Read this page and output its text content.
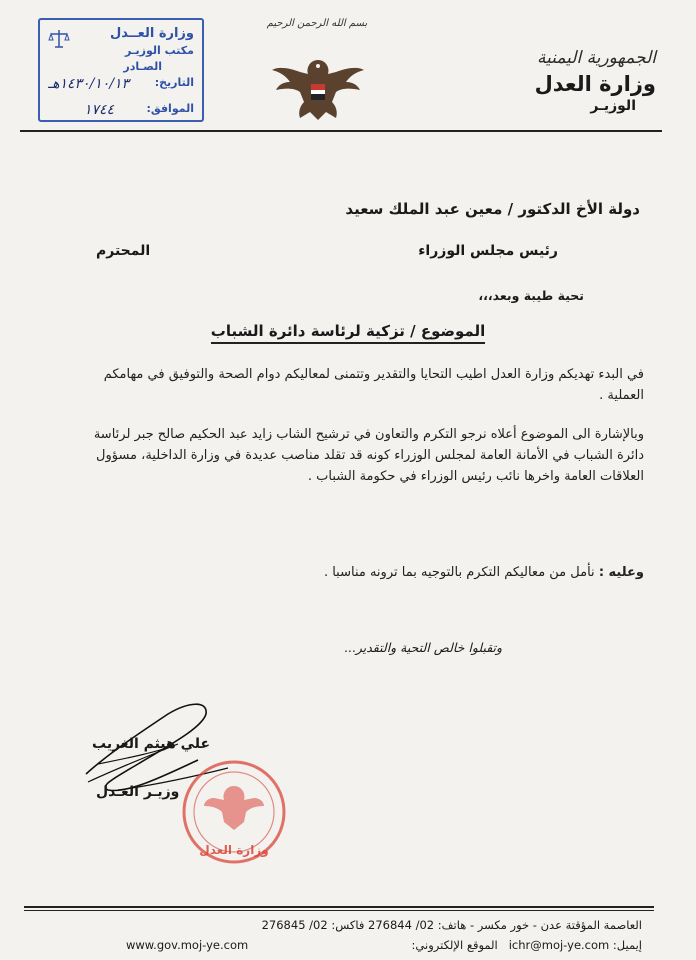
وزارة العــدل
مكتب الوزيـر
الصـادر
التاريخ:
الموافق:
١٤٣٠/١٠/١٣هـ
١٧٤٤
بسم الله الرحمن الرحيم
الجمهورية اليمنية
وزارة العدل
الوزيـر
دولة الأخ الدكتور / معين عبد الملك سعيد
رئيس مجلس الوزراء
المحترم
تحية طيبة وبعد،،،
الموضوع / تزكية لرئاسة دائرة الشباب
في البدء تهديكم وزارة العدل اطيب التحايا والتقدير وتتمنى لمعاليكم دوام الصحة والتوفيق في مهامكم العملية .
وبالإشارة الى الموضوع أعلاه نرجو التكرم والتعاون في ترشيح الشاب زايد عبد الحكيم صالح جبر لرئاسة دائرة الشباب في الأمانة العامة لمجلس الوزراء كونه قد تقلد مناصب عديدة في وزارة الداخلية، مسؤول العلاقات العامة واخرها نائب رئيس الوزراء في حكومة الشباب .
وعليه : نأمل من معاليكم التكرم بالتوجيه بما ترونه مناسبا .
وتقبلوا خالص التحية والتقدير...
علي هيثم الغريب
وزيـر العـدل
وزارة العدل
العاصمة المؤقتة عدن - خور مكسر - هاتف: 02/ 276844 فاكس: 02/ 276845
إيميل: ichr@moj-ye.com   الموقع الإلكتروني:
www.gov.moj-ye.com
